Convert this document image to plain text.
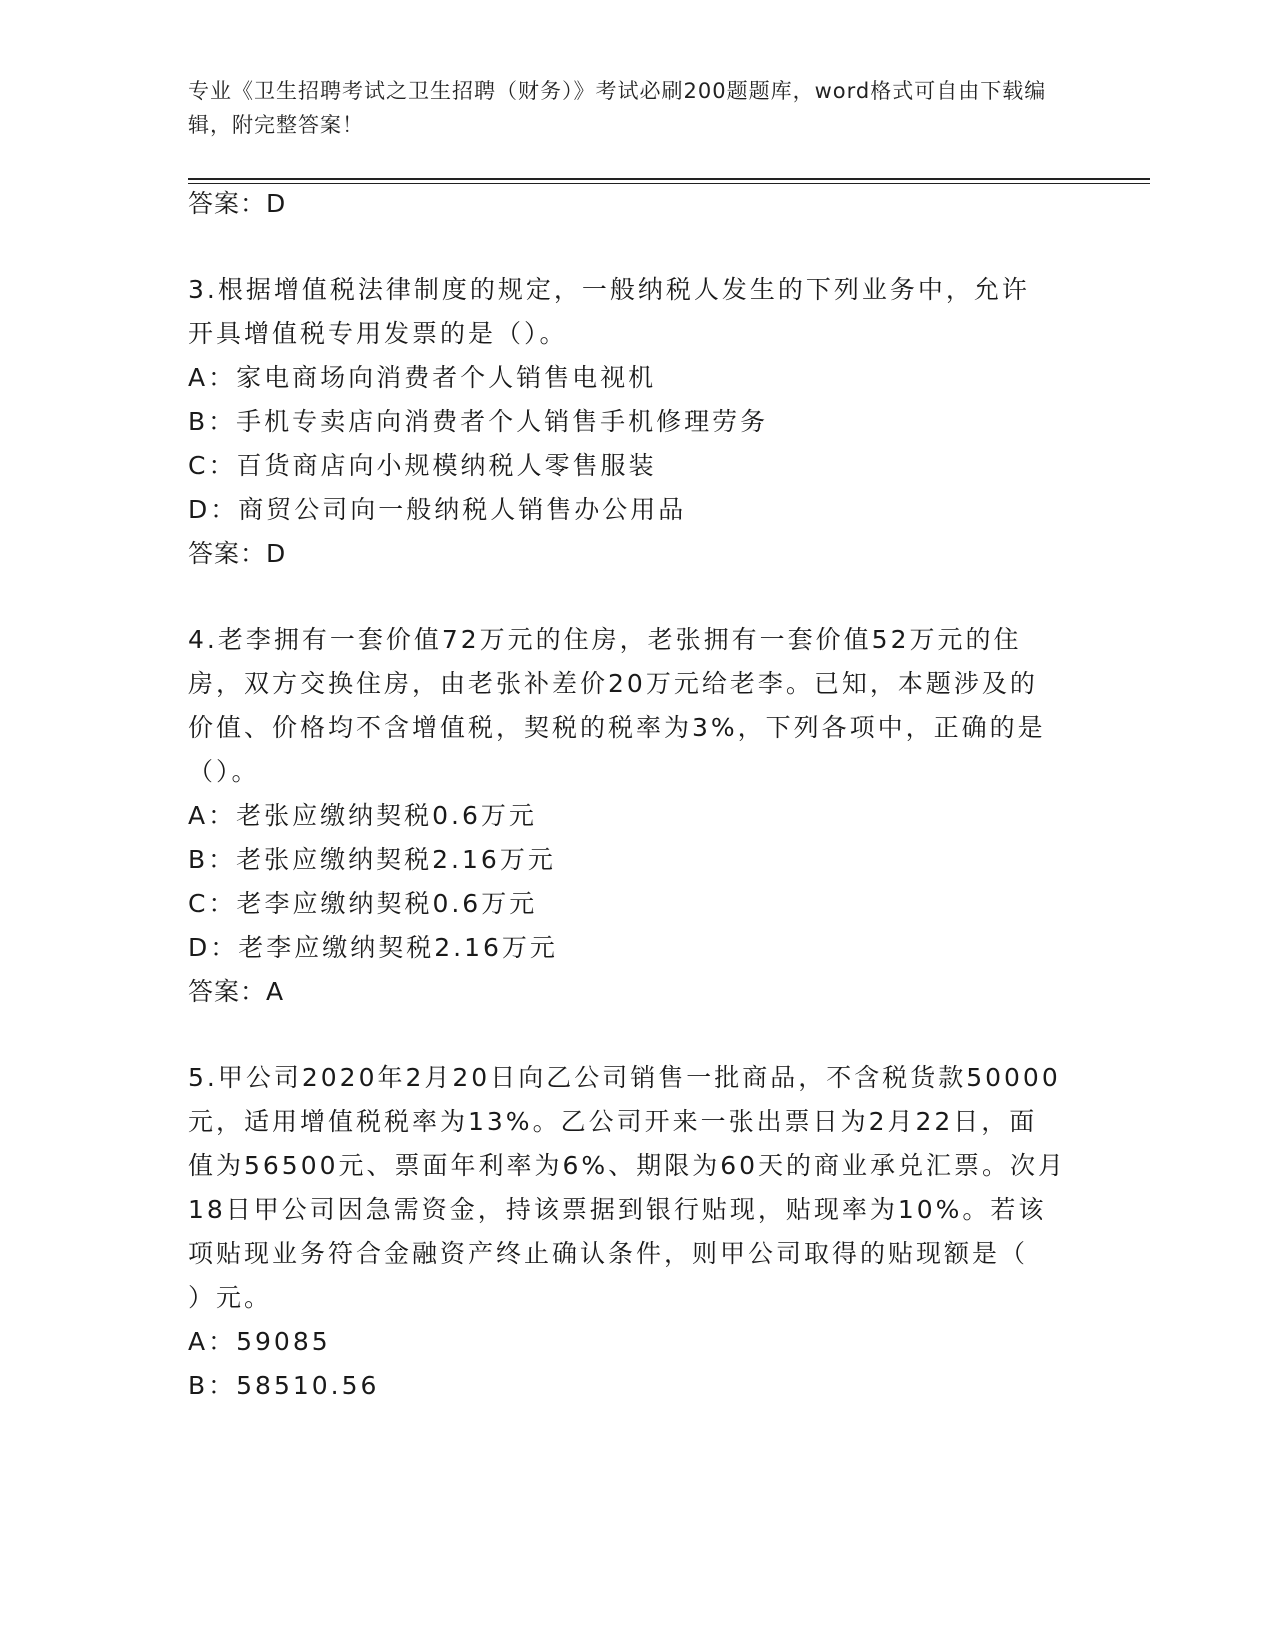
专业《卫生招聘考试之卫生招聘（财务）》考试必刷200题题库，word格式可自由下载编辑，附完整答案！
答案：D
3.根据增值税法律制度的规定，一般纳税人发生的下列业务中，允许
开具增值税专用发票的是（）。
A：家电商场向消费者个人销售电视机
B：手机专卖店向消费者个人销售手机修理劳务
C：百货商店向小规模纳税人零售服装
D：商贸公司向一般纳税人销售办公用品
答案：D
4.老李拥有一套价值72万元的住房，老张拥有一套价值52万元的住
房，双方交换住房，由老张补差价20万元给老李。已知，本题涉及的
价值、价格均不含增值税，契税的税率为3%，下列各项中，正确的是
（）。
A：老张应缴纳契税0.6万元
B：老张应缴纳契税2.16万元
C：老李应缴纳契税0.6万元
D：老李应缴纳契税2.16万元
答案：A
5.甲公司2020年2月20日向乙公司销售一批商品，不含税货款50000
元，适用增值税税率为13%。乙公司开来一张出票日为2月22日，面
值为56500元、票面年利率为6%、期限为60天的商业承兑汇票。次月
18日甲公司因急需资金，持该票据到银行贴现，贴现率为10%。若该
项贴现业务符合金融资产终止确认条件，则甲公司取得的贴现额是（
）元。
A：59085
B：58510.56
